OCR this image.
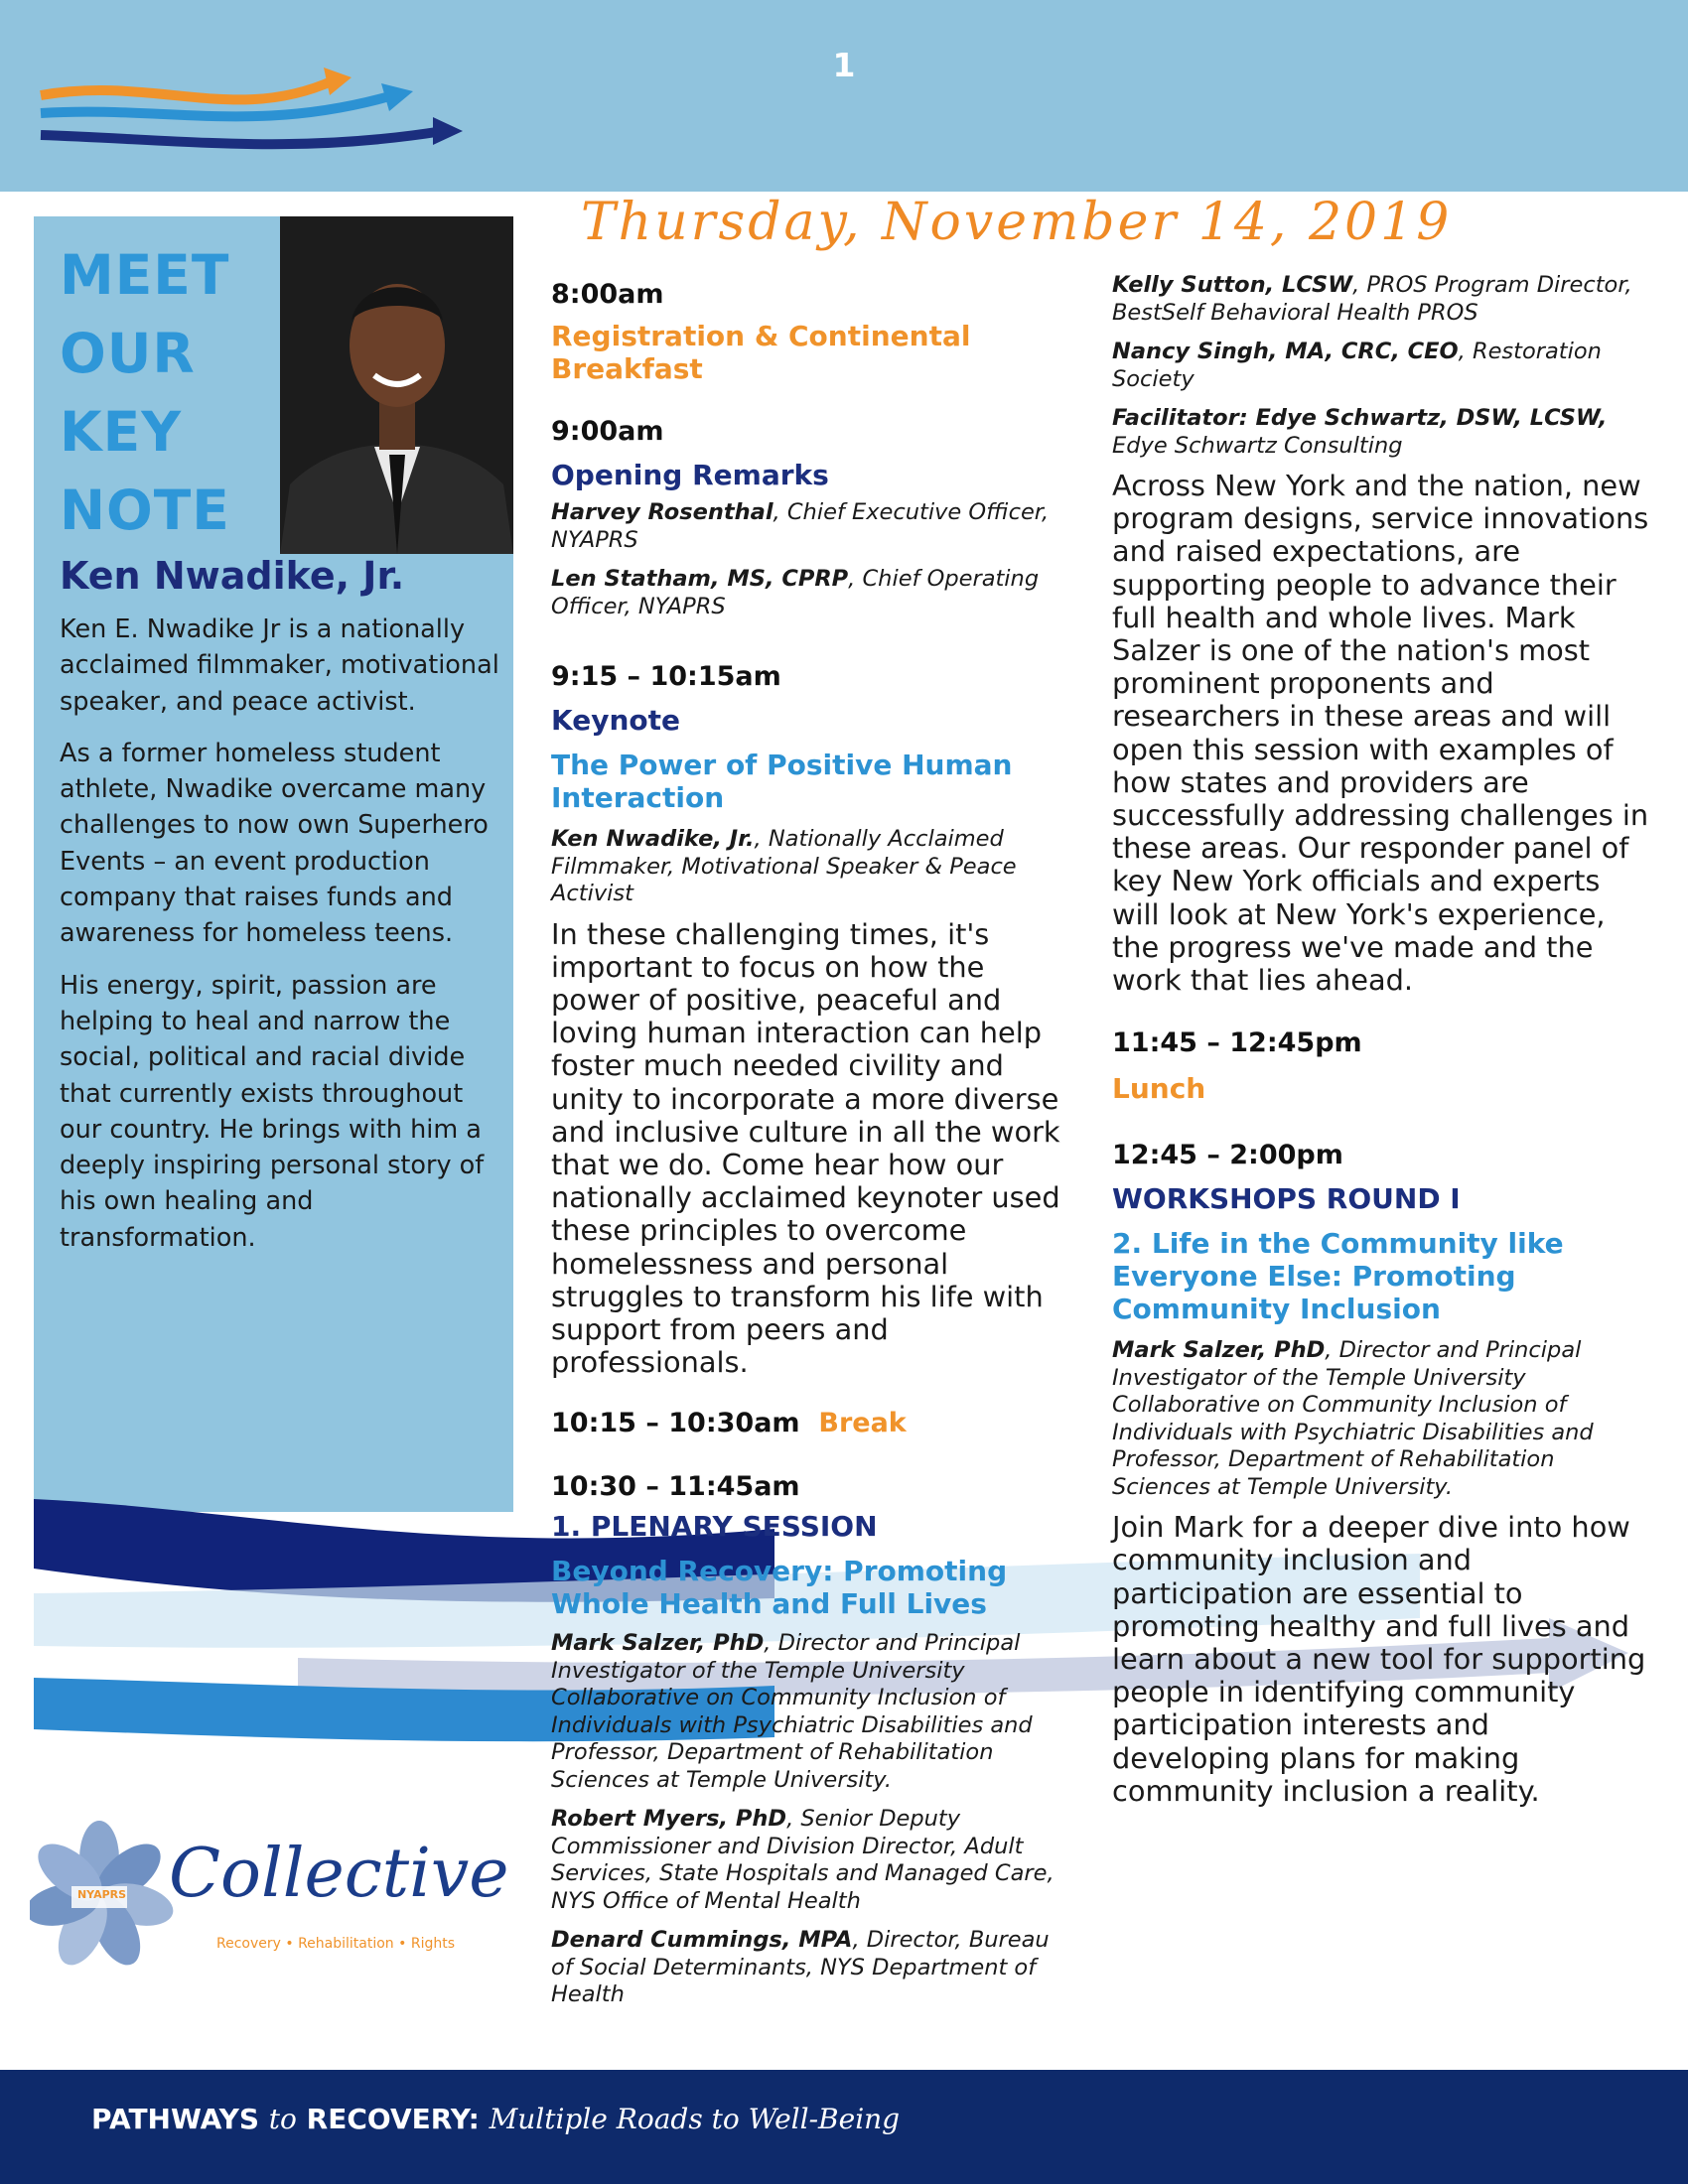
1
MEET
OUR
KEY
NOTE
Ken Nwadike, Jr.

Ken E. Nwadike Jr is a nationally acclaimed filmmaker, motivational speaker, and peace activist.

As a former homeless student athlete, Nwadike overcame many challenges to now own Superhero Events – an event production company that raises funds and awareness for homeless teens.

His energy, spirit, passion are helping to heal and narrow the social, political and racial divide that currently exists throughout our country. He brings with him a deeply inspiring personal story of his own healing and transformation.

NYAPRS Collective
Recovery • Rehabilitation • Rights
Thursday, November 14, 2019

8:00am

Registration & Continental Breakfast

9:00am

Opening Remarks

Harvey Rosenthal, Chief Executive Officer, NYAPRS

Len Statham, MS, CPRP, Chief Operating Officer, NYAPRS

9:15 – 10:15am

Keynote

The Power of Positive Human Interaction

Ken Nwadike, Jr., Nationally Acclaimed Filmmaker, Motivational Speaker & Peace Activist

In these challenging times, it's important to focus on how the power of positive, peaceful and loving human interaction can help foster much needed civility and unity to incorporate a more diverse and inclusive culture in all the work that we do. Come hear how our nationally acclaimed keynoter used these principles to overcome homelessness and personal struggles to transform his life with support from peers and professionals.

10:15 – 10:30am Break

10:30 – 11:45am

1. PLENARY SESSION

Beyond Recovery: Promoting Whole Health and Full Lives

Mark Salzer, PhD, Director and Principal Investigator of the Temple University Collaborative on Community Inclusion of Individuals with Psychiatric Disabilities and Professor, Department of Rehabilitation Sciences at Temple University.

Robert Myers, PhD, Senior Deputy Commissioner and Division Director, Adult Services, State Hospitals and Managed Care, NYS Office of Mental Health

Denard Cummings, MPA, Director, Bureau of Social Determinants, NYS Department of Health

Kelly Sutton, LCSW, PROS Program Director, BestSelf Behavioral Health PROS

Nancy Singh, MA, CRC, CEO, Restoration Society

Facilitator: Edye Schwartz, DSW, LCSW, Edye Schwartz Consulting

Across New York and the nation, new program designs, service innovations and raised expectations, are supporting people to advance their full health and whole lives. Mark Salzer is one of the nation's most prominent proponents and researchers in these areas and will open this session with examples of how states and providers are successfully addressing challenges in these areas. Our responder panel of key New York officials and experts will look at New York's experience, the progress we've made and the work that lies ahead.

11:45 – 12:45pm

Lunch

12:45 – 2:00pm

WORKSHOPS ROUND I

2. Life in the Community like Everyone Else: Promoting Community Inclusion

Mark Salzer, PhD, Director and Principal Investigator of the Temple University Collaborative on Community Inclusion of Individuals with Psychiatric Disabilities and Professor, Department of Rehabilitation Sciences at Temple University.

Join Mark for a deeper dive into how community inclusion and participation are essential to promoting healthy and full lives and learn about a new tool for supporting people in identifying community participation interests and developing plans for making community inclusion a reality.

PATHWAYS to RECOVERY: Multiple Roads to Well-Being
